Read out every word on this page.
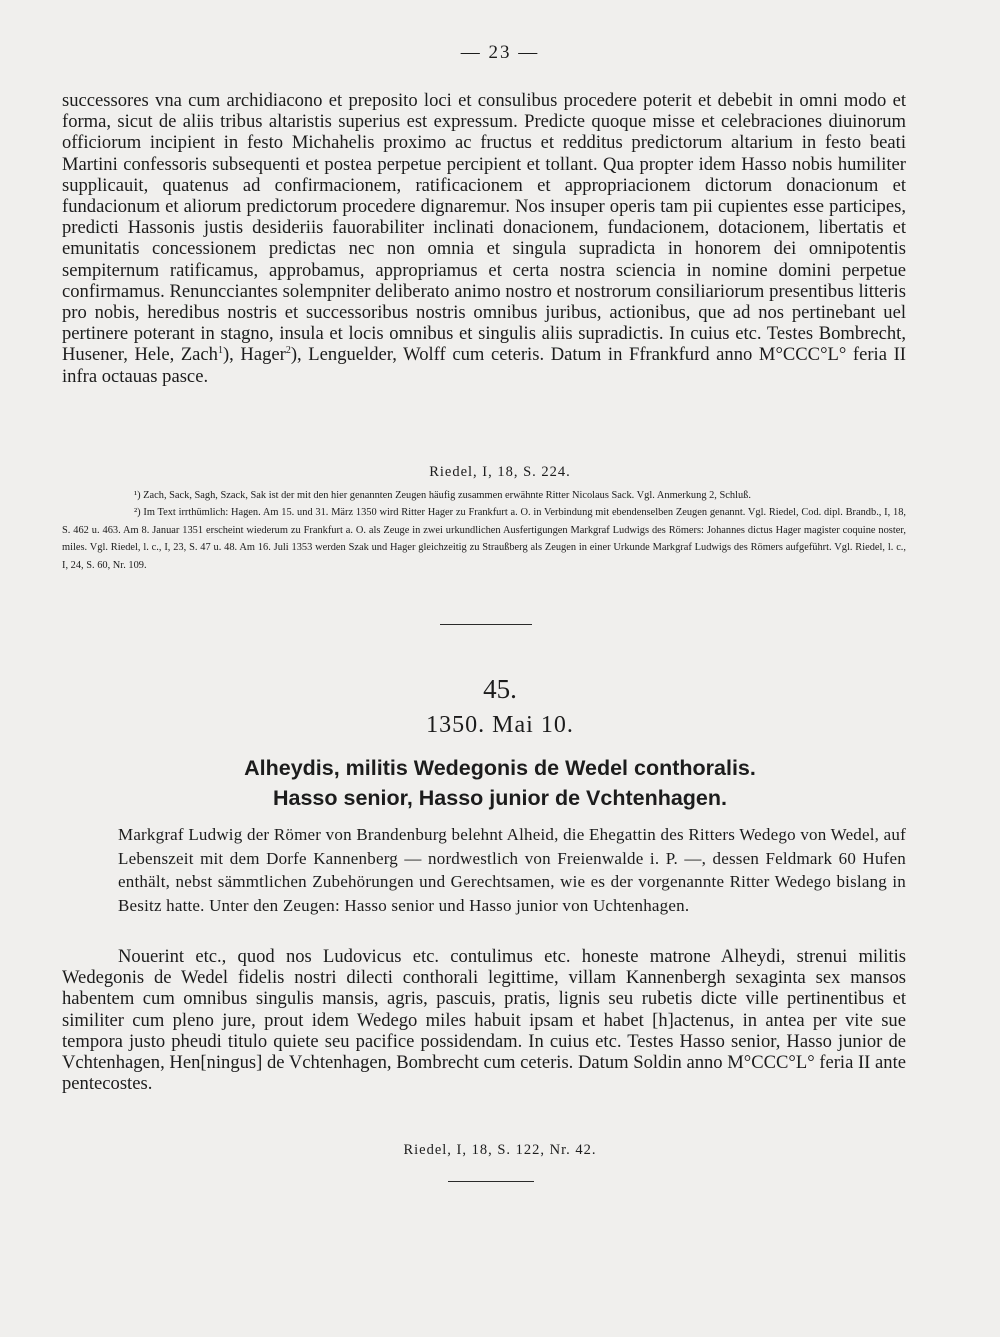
— 23 —
successores vna cum archidiacono et preposito loci et consulibus procedere poterit et debebit in omni modo et forma, sicut de aliis tribus altaristis superius est expressum. Predicte quoque misse et celebraciones diuinorum officiorum incipient in festo Michahelis proximo ac fructus et redditus predictorum altarium in festo beati Martini confessoris subsequenti et postea perpetue percipient et tollant. Qua propter idem Hasso nobis humiliter supplicauit, quatenus ad confirmacionem, ratificacionem et appropriacionem dictorum donacionum et fundacionum et aliorum predictorum procedere dignaremur. Nos insuper operis tam pii cupientes esse participes, predicti Hassonis justis desideriis fauorabiliter inclinati donacionem, fundacionem, dotacionem, libertatis et emunitatis concessionem predictas nec non omnia et singula supradicta in honorem dei omnipotentis sempiternum ratificamus, approbamus, appropriamus et certa nostra sciencia in nomine domini perpetue confirmamus. Renuncciantes solempniter deliberato animo nostro et nostrorum consiliariorum presentibus litteris pro nobis, heredibus nostris et successoribus nostris omnibus juribus, actionibus, que ad nos pertinebant uel pertinere poterant in stagno, insula et locis omnibus et singulis aliis supradictis. In cuius etc. Testes Bombrecht, Husener, Hele, Zach$^1$), Hager$^2$), Lenguelder, Wolff cum ceteris. Datum in Ffrankfurd anno M°CCC°L° feria II infra octauas pasce.
Riedel, I, 18, S. 224.

¹) Zach, Sack, Sagh, Szack, Sak ist der mit den hier genannten Zeugen häufig zusammen erwähnte Ritter Nicolaus Sack. Vgl. Anmerkung 2, Schluß.

²) Im Text irrthümlich: Hagen. Am 15. und 31. März 1350 wird Ritter Hager zu Frankfurt a. O. in Verbindung mit ebendenselben Zeugen genannt. Vgl. Riedel, Cod. dipl. Brandb., I, 18, S. 462 u. 463. Am 8. Januar 1351 erscheint wiederum zu Frankfurt a. O. als Zeuge in zwei urkundlichen Ausfertigungen Markgraf Ludwigs des Römers: Johannes dictus Hager magister coquine noster, miles. Vgl. Riedel, l. c., I, 23, S. 47 u. 48. Am 16. Juli 1353 werden Szak und Hager gleichzeitig zu Straußberg als Zeugen in einer Urkunde Markgraf Ludwigs des Römers aufgeführt. Vgl. Riedel, l. c., I, 24, S. 60, Nr. 109.

45.
1350. Mai 10.
Alheydis, militis Wedegonis de Wedel conthoralis.
Hasso senior, Hasso junior de Vchtenhagen.

Markgraf Ludwig der Römer von Brandenburg belehnt Alheid, die Ehegattin des Ritters Wedego von Wedel, auf Lebenszeit mit dem Dorfe Kannenberg — nordwestlich von Freienwalde i. P. —, dessen Feldmark 60 Hufen enthält, nebst sämmtlichen Zubehörungen und Gerechtsamen, wie es der vorgenannte Ritter Wedego bislang in Besitz hatte. Unter den Zeugen: Hasso senior und Hasso junior von Uchtenhagen.

Nouerint etc., quod nos Ludovicus etc. contulimus etc. honeste matrone Alheydi, strenui militis Wedegonis de Wedel fidelis nostri dilecti conthorali legittime, villam Kannenbergh sexaginta sex mansos habentem cum omnibus singulis mansis, agris, pascuis, pratis, lignis seu rubetis dicte ville pertinentibus et similiter cum pleno jure, prout idem Wedego miles habuit ipsam et habet [h]actenus, in antea per vite sue tempora justo pheudi titulo quiete seu pacifice possidendam. In cuius etc. Testes Hasso senior, Hasso junior de Vchtenhagen, Hen[ningus] de Vchtenhagen, Bombrecht cum ceteris. Datum Soldin anno M°CCC°L° feria II ante pentecostes.

Riedel, I, 18, S. 122, Nr. 42.
